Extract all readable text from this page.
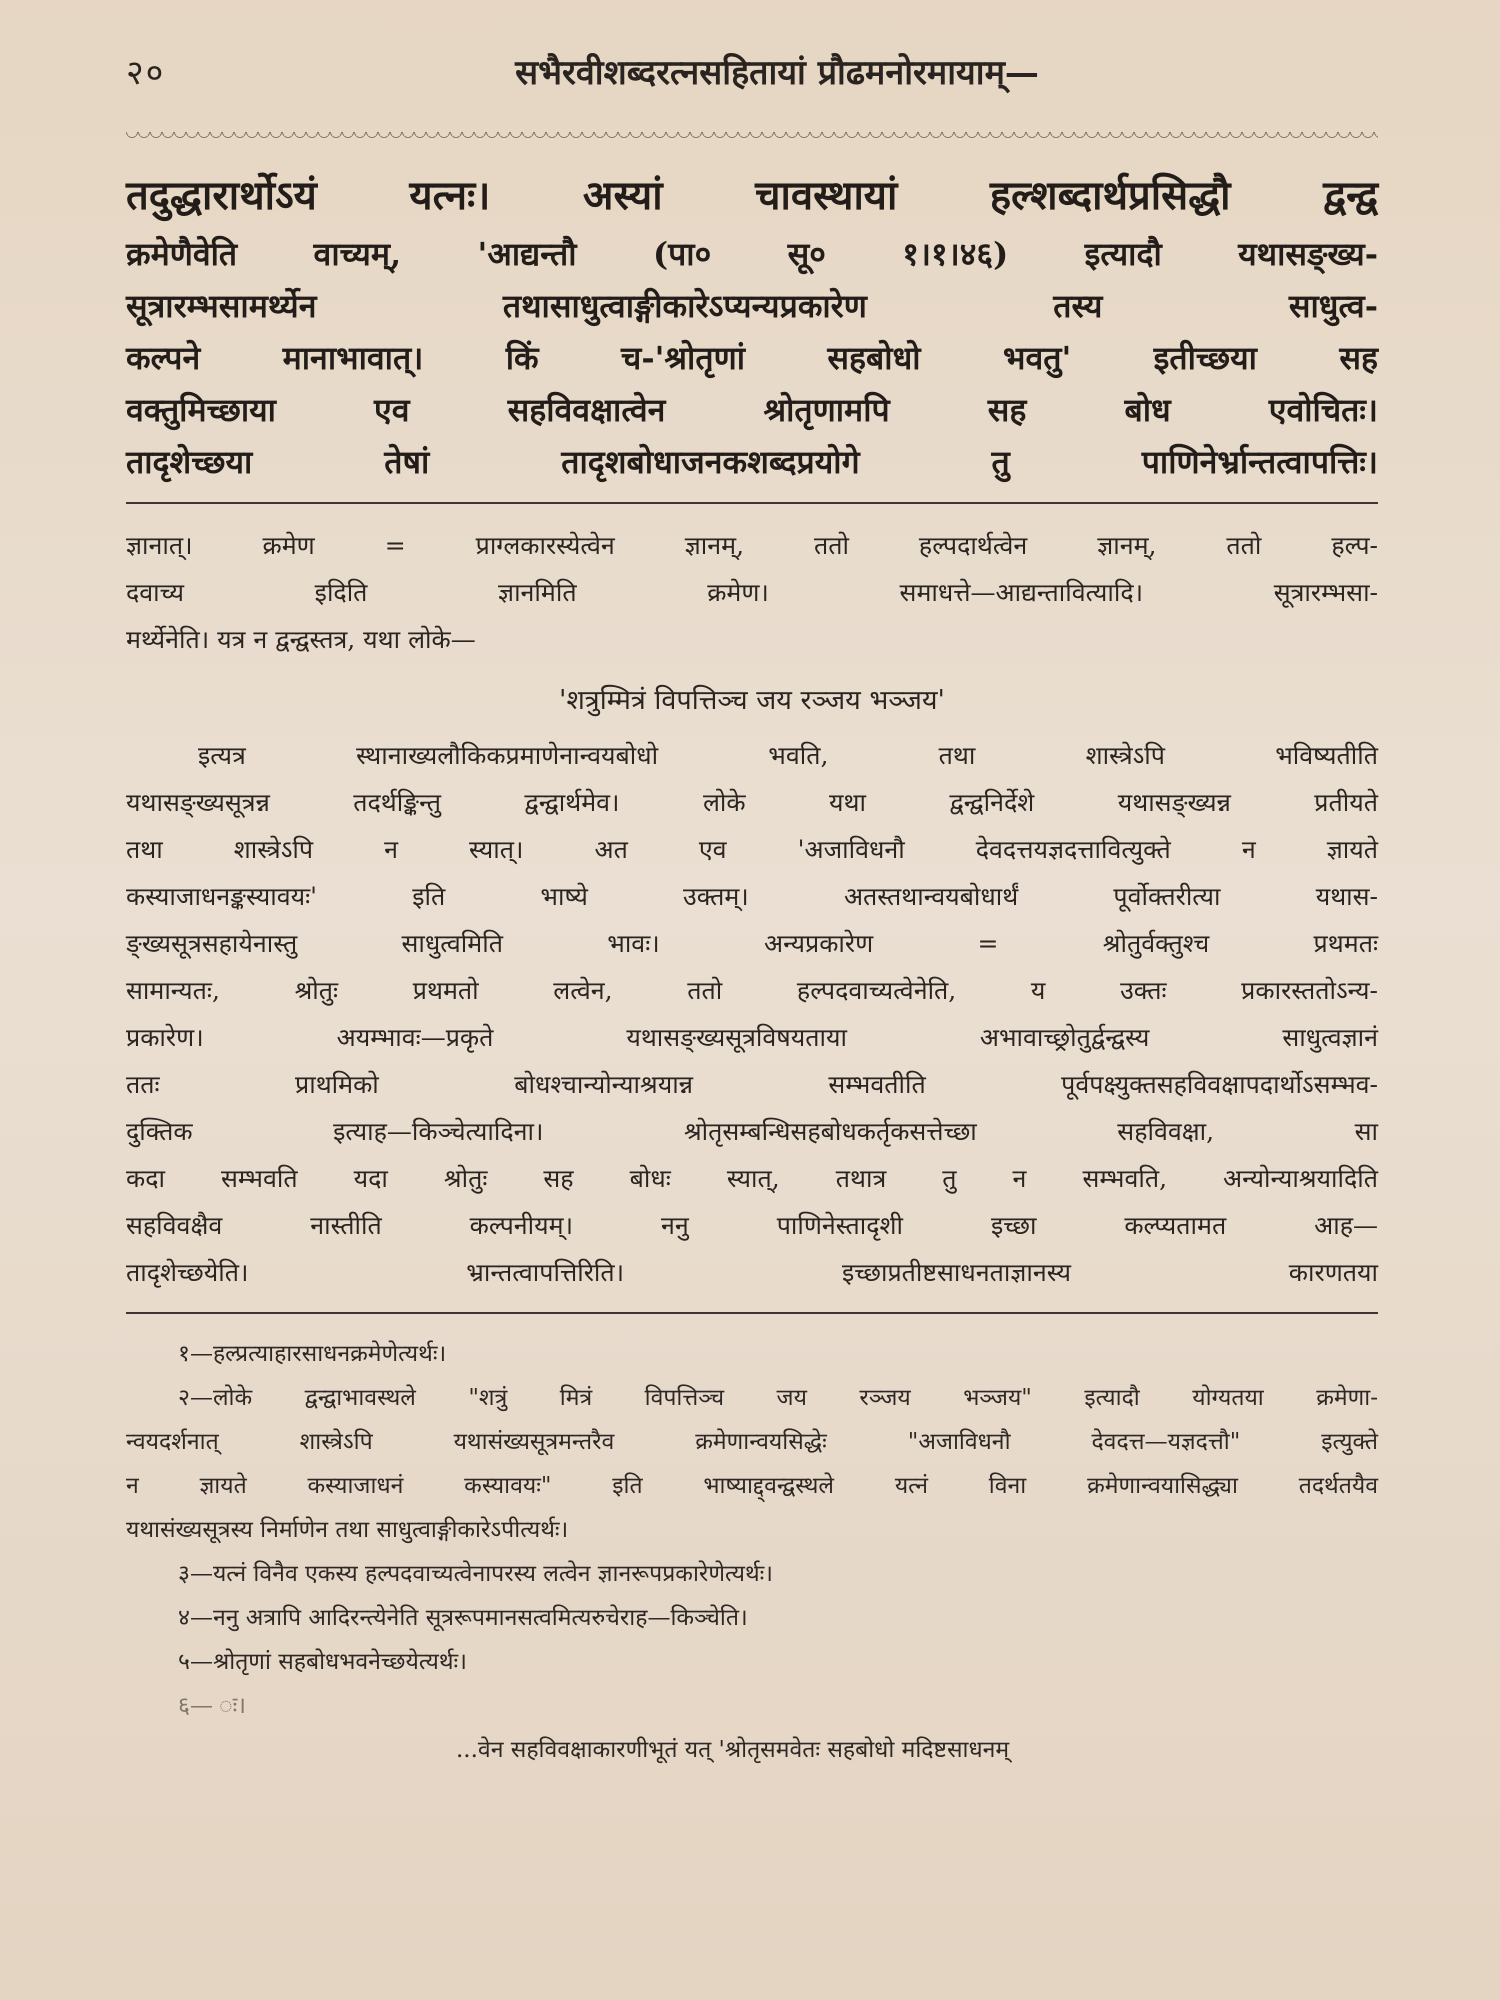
२०	सभैरवीशब्दरत्नसहितायां प्रौढमनोरमायाम्—

तदुद्धारार्थोऽयं यत्नः। अस्यां चावस्थायां हल्शब्दार्थप्रसिद्धौ द्वन्द्व

क्रमेणैवेति वाच्यम्, 'आद्यन्तौ (पा० सू० १।१।४६) इत्यादौ यथासङ्ख्य-

सूत्रारम्भसामर्थ्येन तथासाधुत्वाङ्गीकारेऽप्यन्यप्रकारेण तस्य साधुत्व-

कल्पने मानाभावात्। किं च-'श्रोतृणां सहबोधो भवतु' इतीच्छया सह

वक्तुमिच्छाया एव सहविवक्षात्वेन श्रोतृणामपि सह बोध एवोचितः।

तादृशेच्छया तेषां तादृशबोधाजनकशब्दप्रयोगे तु पाणिनेर्भ्रान्तत्वापत्तिः।

ज्ञानात्। क्रमेण = प्राग्लकारस्येत्वेन ज्ञानम्, ततो हल्पदार्थत्वेन ज्ञानम्, ततो हल्प-

दवाच्य इदिति ज्ञानमिति क्रमेण। समाधत्ते—आद्यन्तावित्यादि। सूत्रारम्भसा-

मर्थ्येनेति। यत्र न द्वन्द्वस्तत्र, यथा लोके—

'शत्रुम्मित्रं विपत्तिञ्च जय रञ्जय भञ्जय'

इत्यत्र स्थानाख्यलौकिकप्रमाणेनान्वयबोधो भवति, तथा शास्त्रेऽपि भविष्यतीति

यथासङ्ख्यसूत्रन्न तदर्थङ्किन्तु द्वन्द्वार्थमेव। लोके यथा द्वन्द्वनिर्देशे यथासङ्ख्यन्न प्रतीयते

तथा शास्त्रेऽपि न स्यात्। अत एव 'अजाविधनौ देवदत्तयज्ञदत्तावित्युक्ते न ज्ञायते

कस्याजाधनङ्कस्यावयः' इति भाष्ये उक्तम्। अतस्तथान्वयबोधार्थं पूर्वोक्तरीत्या यथास-

ङ्ख्यसूत्रसहायेनास्तु साधुत्वमिति भावः। अन्यप्रकारेण = श्रोतुर्वक्तुश्च प्रथमतः

सामान्यतः, श्रोतुः प्रथमतो लत्वेन, ततो हल्पदवाच्यत्वेनेति, य उक्तः प्रकारस्ततोऽन्य-

प्रकारेण। अयम्भावः—प्रकृते यथासङ्ख्यसूत्रविषयताया अभावाच्छ्रोतुर्द्वन्द्वस्य साधुत्वज्ञानं

ततः प्राथमिको बोधश्चान्योन्याश्रयान्न सम्भवतीति पूर्वपक्ष्युक्तसहविवक्षापदार्थोऽसम्भव-

दुक्तिक इत्याह—किञ्चेत्यादिना। श्रोतृसम्बन्धिसहबोधकर्तृकसत्तेच्छा सहविवक्षा, सा

कदा सम्भवति यदा श्रोतुः सह बोधः स्यात्, तथात्र तु न सम्भवति, अन्योन्याश्रयादिति

सहविवक्षैव नास्तीति कल्पनीयम्। ननु पाणिनेस्तादृशी इच्छा कल्प्यतामत आह—

तादृशेच्छयेति। भ्रान्तत्वापत्तिरिति। इच्छाप्रतीष्टसाधनताज्ञानस्य कारणतया

१—हल्प्रत्याहारसाधनक्रमेणेत्यर्थः।

२—लोके द्वन्द्वाभावस्थले "शत्रुं मित्रं विपत्तिञ्च जय रञ्जय भञ्जय" इत्यादौ योग्यतया क्रमेणा-

न्वयदर्शनात् शास्त्रेऽपि यथासंख्यसूत्रमन्तरैव क्रमेणान्वयसिद्धेः "अजाविधनौ देवदत्त—यज्ञदत्तौ" इत्युक्ते

न ज्ञायते कस्याजाधनं कस्यावयः" इति भाष्याद्द्वन्द्वस्थले यत्नं विना क्रमेणान्वयासिद्ध्या तदर्थतयैव

यथासंख्यसूत्रस्य निर्माणेन तथा साधुत्वाङ्गीकारेऽपीत्यर्थः।

३—यत्नं विनैव एकस्य हल्पदवाच्यत्वेनापरस्य लत्वेन ज्ञानरूपप्रकारेणेत्यर्थः।

४—ननु अत्रापि आदिरन्त्येनेति सूत्ररूपमानसत्वमित्यरुचेराह—किञ्चेति।

५—श्रोतृणां सहबोधभवनेच्छयेत्यर्थः।

६— ः।

...वेन सहविवक्षाकारणीभूतं यत् 'श्रोतृसमवेतः सहबोधो मदिष्टसाधनम्
